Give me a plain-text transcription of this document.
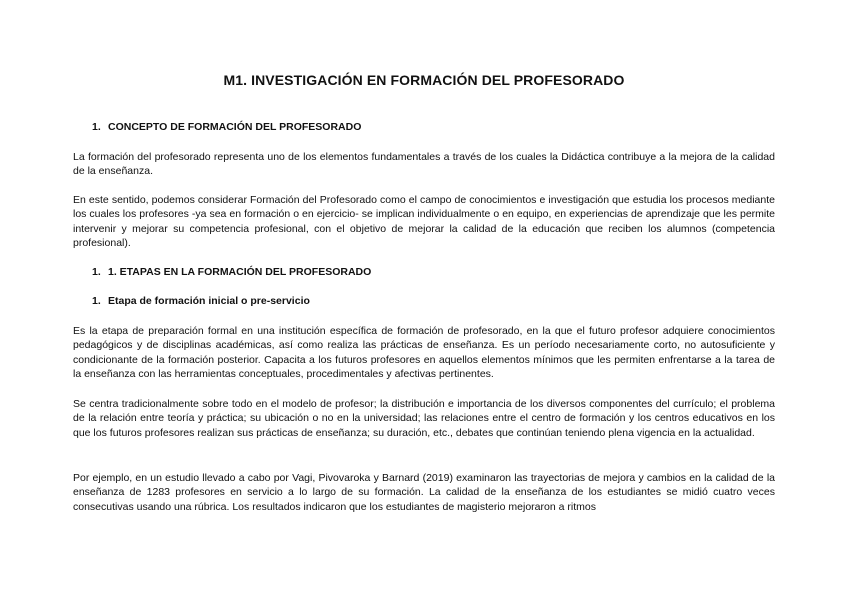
M1. INVESTIGACIÓN EN FORMACIÓN DEL PROFESORADO
1. CONCEPTO DE FORMACIÓN DEL PROFESORADO

La formación del profesorado representa uno de los elementos fundamentales a través de los cuales la Didáctica contribuye a la mejora de la calidad de la enseñanza.

En este sentido, podemos considerar Formación del Profesorado como el campo de conocimientos e investigación que estudia los procesos mediante los cuales los profesores -ya sea en formación o en ejercicio- se implican individualmente o en equipo, en experiencias de aprendizaje que les permite intervenir y mejorar su competencia profesional, con el objetivo de mejorar la calidad de la educación que reciben los alumnos (competencia profesional).

1. 1. ETAPAS EN LA FORMACIÓN DEL PROFESORADO
1. Etapa de formación inicial o pre-servicio

Es la etapa de preparación formal en una institución específica de formación de profesorado, en la que el futuro profesor adquiere conocimientos pedagógicos y de disciplinas académicas, así como realiza las prácticas de enseñanza. Es un período necesariamente corto, no autosuficiente y condicionante de la formación posterior. Capacita a los futuros profesores en aquellos elementos mínimos que les permiten enfrentarse a la tarea de la enseñanza con las herramientas conceptuales, procedimentales y afectivas pertinentes.

Se centra tradicionalmente sobre todo en el modelo de profesor; la distribución e importancia de los diversos componentes del currículo; el problema de la relación entre teoría y práctica; su ubicación o no en la universidad; las relaciones entre el centro de formación y los centros educativos en los que los futuros profesores realizan sus prácticas de enseñanza; su duración, etc., debates que continúan teniendo plena vigencia en la actualidad.

Por ejemplo, en un estudio llevado a cabo por Vagi, Pivovaroka y Barnard (2019) examinaron las trayectorias de mejora y cambios en la calidad de la enseñanza de 1283 profesores en servicio a lo largo de su formación. La calidad de la enseñanza de los estudiantes se midió cuatro veces consecutivas usando una rúbrica. Los resultados indicaron que los estudiantes de magisterio mejoraron a ritmos
